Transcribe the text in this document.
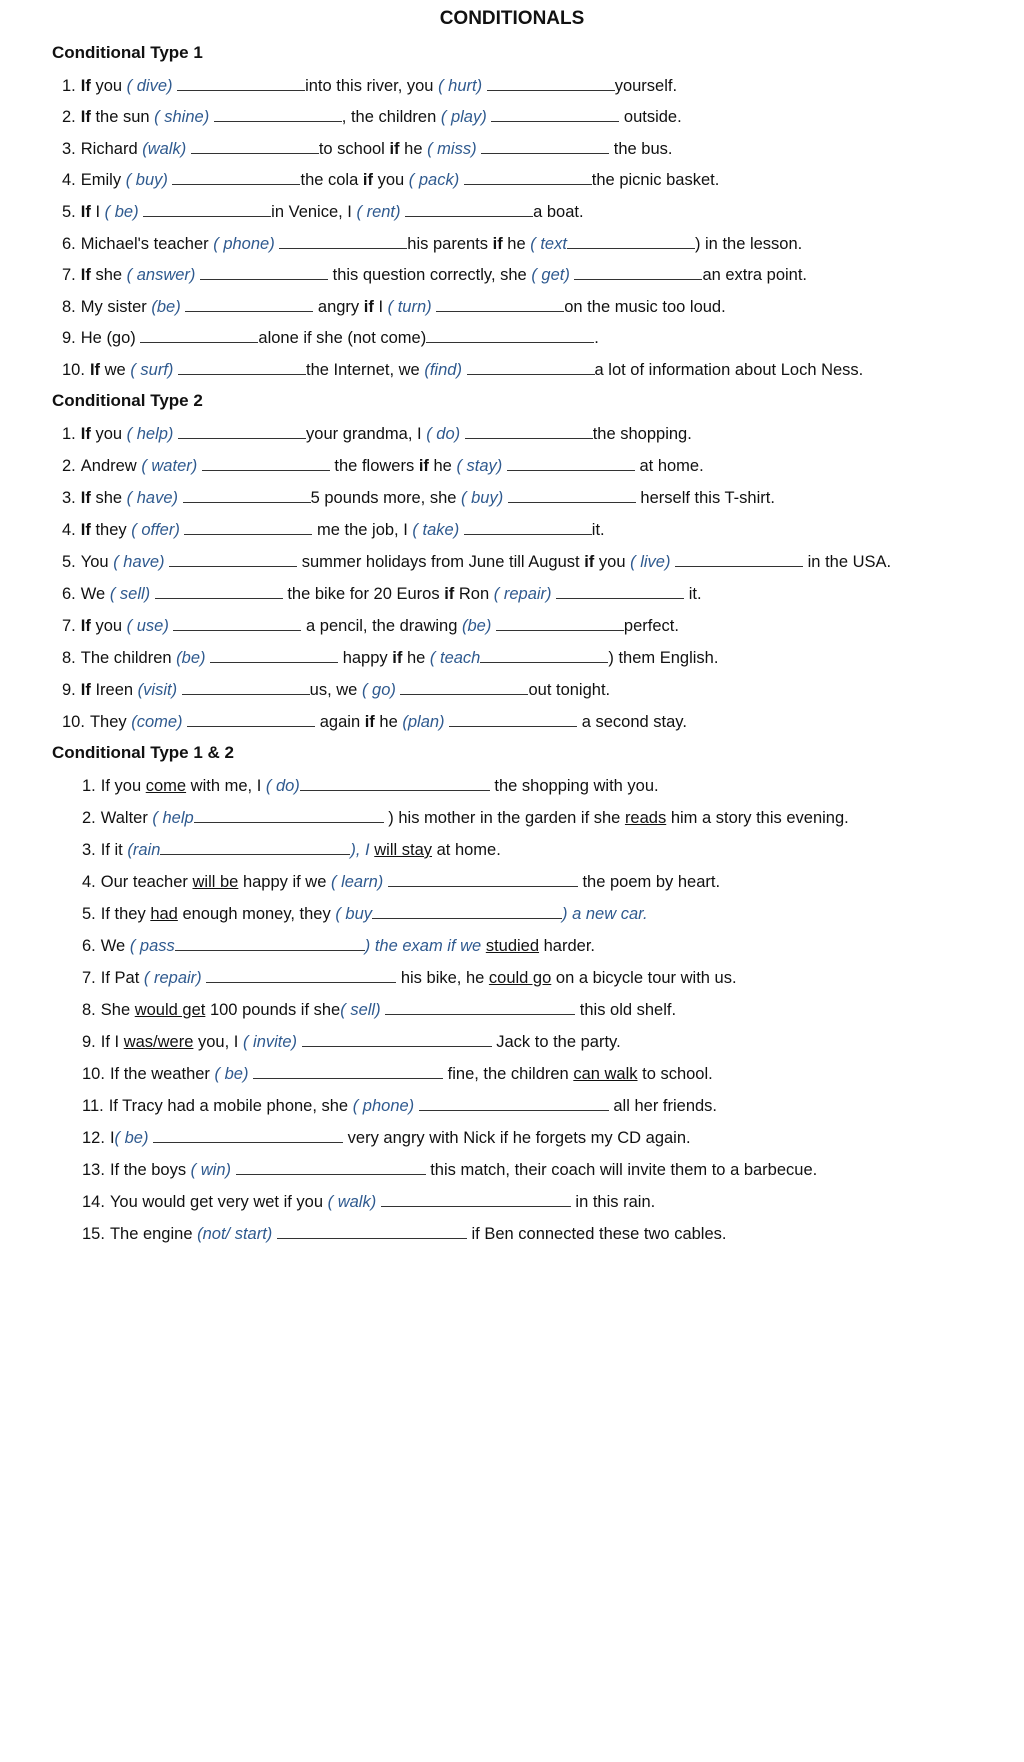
CONDITIONALS
Conditional Type 1
1. If you ( dive)	into this river, you ( hurt)	yourself.
2. If the sun ( shine)	, the children ( play)	outside.
3. Richard (walk)	to school if he ( miss)	the bus.
4. Emily ( buy)	the cola if you ( pack)	the picnic basket.
5. If I ( be)	in Venice, I ( rent)	a boat.
6. Michael's teacher ( phone)	his parents if he ( text	) in the lesson.
7. If she ( answer)	this question correctly, she ( get)	an extra point.
8. My sister (be)	angry if I ( turn)	on the music too loud.
9. He (go)	alone if she (not come)	.
10. If we ( surf)	the Internet, we (find)	a lot of information about Loch Ness.
Conditional Type 2
1. If you ( help)	your grandma, I ( do)	the shopping.
2. Andrew ( water)	the flowers if he ( stay)	at home.
3. If she ( have)	5 pounds more, she ( buy)	herself this T-shirt.
4. If they ( offer)	me the job, I ( take)	it.
5. You ( have)	summer holidays from June till August if you ( live)	in the USA.
6. We ( sell)	the bike for 20 Euros if Ron ( repair)	it.
7. If you ( use)	a pencil, the drawing (be)	perfect.
8. The children (be)	happy if he ( teach	) them English.
9. If Ireen (visit)	us, we ( go)	out tonight.
10. They (come)	again if he (plan)	a second stay.
Conditional Type 1 & 2
1. If you come with me, I ( do)	the shopping with you.
2. Walter ( help	) his mother in the garden if she reads him a story this evening.
3. If it (rain	), I will stay at home.
4. Our teacher will be happy if we ( learn)	the poem by heart.
5. If they had enough money, they ( buy	) a new car.
6. We ( pass	) the exam if we studied harder.
7. If Pat ( repair)	his bike, he could go on a bicycle tour with us.
8. She would get 100 pounds if she( sell)	this old shelf.
9. If I was/were you, I ( invite)	Jack to the party.
10. If the weather ( be)	fine, the children can walk to school.
11. If Tracy had a mobile phone, she ( phone)	all her friends.
12. I( be)	very angry with Nick if he forgets my CD again.
13. If the boys ( win)	this match, their coach will invite them to a barbecue.
14. You would get very wet if you ( walk)	in this rain.
15. The engine (not/ start)	if Ben connected these two cables.
